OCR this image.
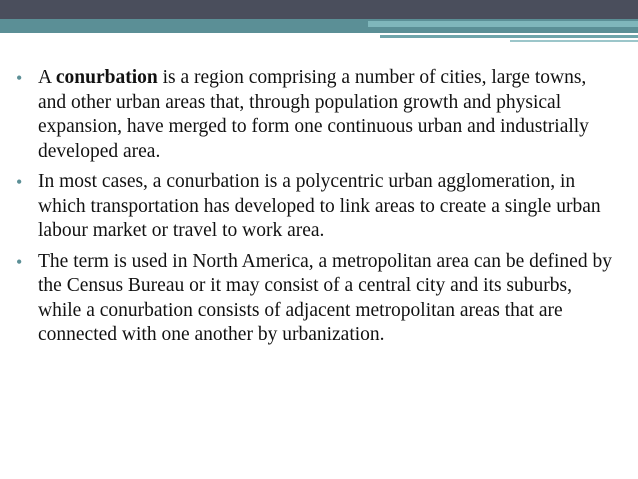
• A conurbation is a region comprising a number of cities, large towns, and other urban areas that, through population growth and physical expansion, have merged to form one continuous urban and industrially developed area.
• In most cases, a conurbation is a polycentric urban agglomeration, in which transportation has developed to link areas to create a single urban labour market or travel to work area.
• The term is used in North America, a metropolitan area can be defined by the Census Bureau or it may consist of a central city and its suburbs, while a conurbation consists of adjacent metropolitan areas that are connected with one another by urbanization.
